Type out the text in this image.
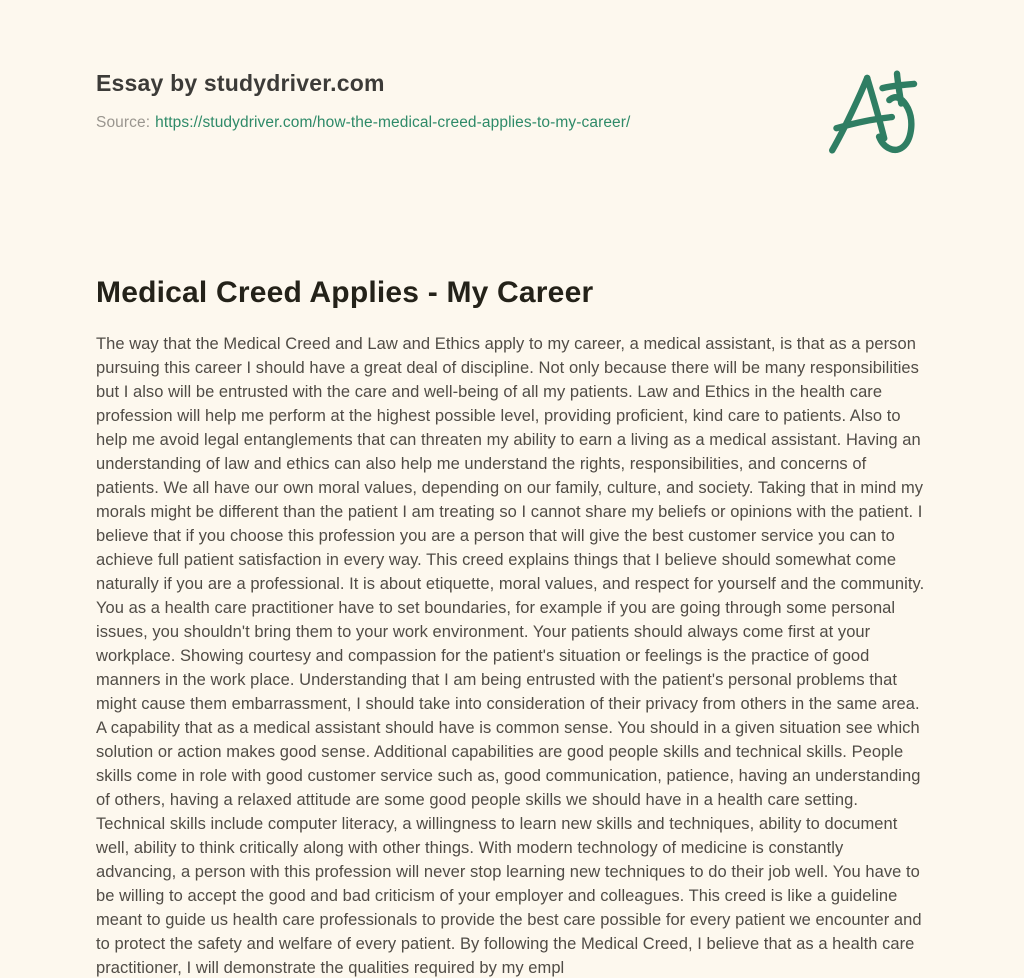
Essay by studydriver.com
Source: https://studydriver.com/how-the-medical-creed-applies-to-my-career/
Medical Creed Applies - My Career

The way that the Medical Creed and Law and Ethics apply to my career, a medical assistant, is that as a person pursuing this career I should have a great deal of discipline. Not only because there will be many responsibilities but I also will be entrusted with the care and well-being of all my patients. Law and Ethics in the health care profession will help me perform at the highest possible level, providing proficient, kind care to patients. Also to help me avoid legal entanglements that can threaten my ability to earn a living as a medical assistant. Having an understanding of law and ethics can also help me understand the rights, responsibilities, and concerns of patients. We all have our own moral values, depending on our family, culture, and society. Taking that in mind my morals might be different than the patient I am treating so I cannot share my beliefs or opinions with the patient. I believe that if you choose this profession you are a person that will give the best customer service you can to achieve full patient satisfaction in every way. This creed explains things that I believe should somewhat come naturally if you are a professional. It is about etiquette, moral values, and respect for yourself and the community. You as a health care practitioner have to set boundaries, for example if you are going through some personal issues, you shouldn't bring them to your work environment. Your patients should always come first at your workplace. Showing courtesy and compassion for the patient's situation or feelings is the practice of good manners in the work place. Understanding that I am being entrusted with the patient's personal problems that might cause them embarrassment, I should take into consideration of their privacy from others in the same area. A capability that as a medical assistant should have is common sense. You should in a given situation see which solution or action makes good sense. Additional capabilities are good people skills and technical skills. People skills come in role with good customer service such as, good communication, patience, having an understanding of others, having a relaxed attitude are some good people skills we should have in a health care setting. Technical skills include computer literacy, a willingness to learn new skills and techniques, ability to document well, ability to think critically along with other things. With modern technology of medicine is constantly advancing, a person with this profession will never stop learning new techniques to do their job well. You have to be willing to accept the good and bad criticism of your employer and colleagues. This creed is like a guideline meant to guide us health care professionals to provide the best care possible for every patient we encounter and to protect the safety and welfare of every patient. By following the Medical Creed, I believe that as a health care practitioner, I will demonstrate the qualities required by my empl
